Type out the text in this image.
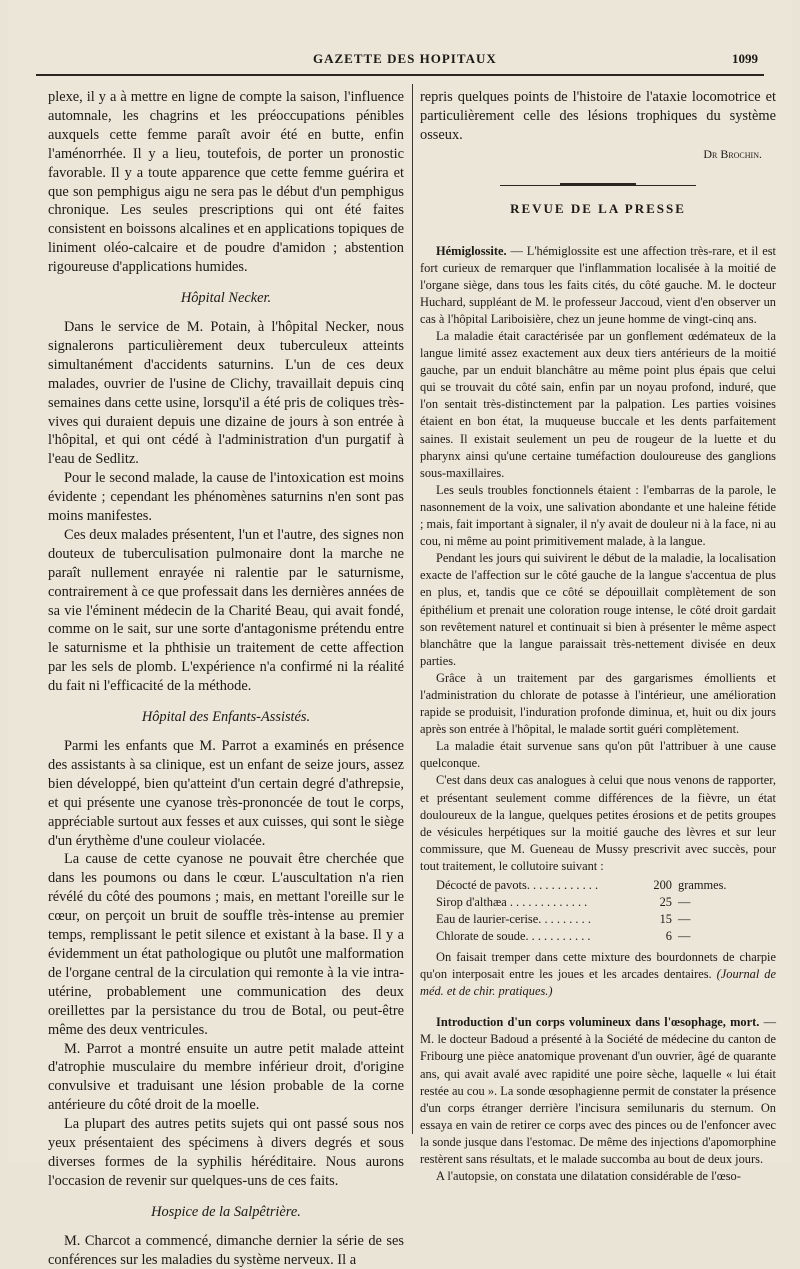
GAZETTE DES HOPITAUX	1099

plexe, il y a à mettre en ligne de compte la saison, l'influence automnale, les chagrins et les préoccupations pénibles auxquels cette femme paraît avoir été en butte, enfin l'aménorrhée. Il y a lieu, toutefois, de porter un pronostic favorable. Il y a toute apparence que cette femme guérira et que son pemphigus aigu ne sera pas le début d'un pemphigus chronique. Les seules prescriptions qui ont été faites consistent en boissons alcalines et en applications topiques de liniment oléo-calcaire et de poudre d'amidon ; abstention rigoureuse d'applications humides.

Hôpital Necker.

Dans le service de M. Potain, à l'hôpital Necker, nous signalerons particulièrement deux tuberculeux atteints simultanément d'accidents saturnins. L'un de ces deux malades, ouvrier de l'usine de Clichy, travaillait depuis cinq semaines dans cette usine, lorsqu'il a été pris de coliques très-vives qui duraient depuis une dizaine de jours à son entrée à l'hôpital, et qui ont cédé à l'administration d'un purgatif à l'eau de Sedlitz.

Pour le second malade, la cause de l'intoxication est moins évidente ; cependant les phénomènes saturnins n'en sont pas moins manifestes.

Ces deux malades présentent, l'un et l'autre, des signes non douteux de tuberculisation pulmonaire dont la marche ne paraît nullement enrayée ni ralentie par le saturnisme, contrairement à ce que professait dans les dernières années de sa vie l'éminent médecin de la Charité Beau, qui avait fondé, comme on le sait, sur une sorte d'antagonisme prétendu entre le saturnisme et la phthisie un traitement de cette affection par les sels de plomb. L'expérience n'a confirmé ni la réalité du fait ni l'efficacité de la méthode.

Hôpital des Enfants-Assistés.

Parmi les enfants que M. Parrot a examinés en présence des assistants à sa clinique, est un enfant de seize jours, assez bien développé, bien qu'atteint d'un certain degré d'athrepsie, et qui présente une cyanose très-prononcée de tout le corps, appréciable surtout aux fesses et aux cuisses, qui sont le siège d'un érythème d'une couleur violacée.

La cause de cette cyanose ne pouvait être cherchée que dans les poumons ou dans le cœur. L'auscultation n'a rien révélé du côté des poumons ; mais, en mettant l'oreille sur le cœur, on perçoit un bruit de souffle très-intense au premier temps, remplissant le petit silence et existant à la base. Il y a évidemment un état pathologique ou plutôt une malformation de l'organe central de la circulation qui remonte à la vie intra-utérine, probablement une communication des deux oreillettes par la persistance du trou de Botal, ou peut-être même des deux ventricules.

M. Parrot a montré ensuite un autre petit malade atteint d'atrophie musculaire du membre inférieur droit, d'origine convulsive et traduisant une lésion probable de la corne antérieure du côté droit de la moelle.

La plupart des autres petits sujets qui ont passé sous nos yeux présentaient des spécimens à divers degrés et sous diverses formes de la syphilis héréditaire. Nous aurons l'occasion de revenir sur quelques-uns de ces faits.

Hospice de la Salpêtrière.

M. Charcot a commencé, dimanche dernier la série de ses conférences sur les maladies du système nerveux. Il a

repris quelques points de l'histoire de l'ataxie locomotrice et particulièrement celle des lésions trophiques du système osseux.

Dr Brochin.

REVUE DE LA PRESSE

Hémiglossite. — L'hémiglossite est une affection très-rare, et il est fort curieux de remarquer que l'inflammation localisée à la moitié de l'organe siège, dans tous les faits cités, du côté gauche. M. le docteur Huchard, suppléant de M. le professeur Jaccoud, vient d'en observer un cas à l'hôpital Lariboisière, chez un jeune homme de vingt-cinq ans.

La maladie était caractérisée par un gonflement œdémateux de la langue limité assez exactement aux deux tiers antérieurs de la moitié gauche, par un enduit blanchâtre au même point plus épais que celui qui se trouvait du côté sain, enfin par un noyau profond, induré, que l'on sentait très-distinctement par la palpation. Les parties voisines étaient en bon état, la muqueuse buccale et les dents parfaitement saines. Il existait seulement un peu de rougeur de la luette et du pharynx ainsi qu'une certaine tuméfaction douloureuse des ganglions sous-maxillaires.

Les seuls troubles fonctionnels étaient : l'embarras de la parole, le nasonnement de la voix, une salivation abondante et une haleine fétide ; mais, fait important à signaler, il n'y avait de douleur ni à la face, ni au cou, ni même au point primitivement malade, à la langue.

Pendant les jours qui suivirent le début de la maladie, la localisation exacte de l'affection sur le côté gauche de la langue s'accentua de plus en plus, et, tandis que ce côté se dépouillait complètement de son épithélium et prenait une coloration rouge intense, le côté droit gardait son revêtement naturel et continuait si bien à présenter le même aspect blanchâtre que la langue paraissait très-nettement divisée en deux parties.

Grâce à un traitement par des gargarismes émollients et l'administration du chlorate de potasse à l'intérieur, une amélioration rapide se produisit, l'induration profonde diminua, et, huit ou dix jours après son entrée à l'hôpital, le malade sortit guéri complètement.

La maladie était survenue sans qu'on pût l'attribuer à une cause quelconque.

C'est dans deux cas analogues à celui que nous venons de rapporter, et présentant seulement comme différences de la fièvre, un état douloureux de la langue, quelques petites érosions et de petits groupes de vésicules herpétiques sur la moitié gauche des lèvres et sur leur commissure, que M. Gueneau de Mussy prescrivit avec succès, pour tout traitement, le collutoire suivant :

Décocté de pavots. . . . . . . . . . . .	200	grammes.
Sirop d'althæa . . . . . . . . . . . . .	25	—
Eau de laurier-cerise. . . . . . . . .	15	—
Chlorate de soude. . . . . . . . . . .	6	—

On faisait tremper dans cette mixture des bourdonnets de charpie qu'on interposait entre les joues et les arcades dentaires. (Journal de méd. et de chir. pratiques.)

Introduction d'un corps volumineux dans l'œsophage, mort. — M. le docteur Badoud a présenté à la Société de médecine du canton de Fribourg une pièce anatomique provenant d'un ouvrier, âgé de quarante ans, qui avait avalé avec rapidité une poire sèche, laquelle « lui était restée au cou ». La sonde œsophagienne permit de constater la présence d'un corps étranger derrière l'incisura semilunaris du sternum. On essaya en vain de retirer ce corps avec des pinces ou de l'enfoncer avec la sonde jusque dans l'estomac. De même des injections d'apomorphine restèrent sans résultats, et le malade succomba au bout de deux jours.

A l'autopsie, on constata une dilatation considérable de l'œso-
